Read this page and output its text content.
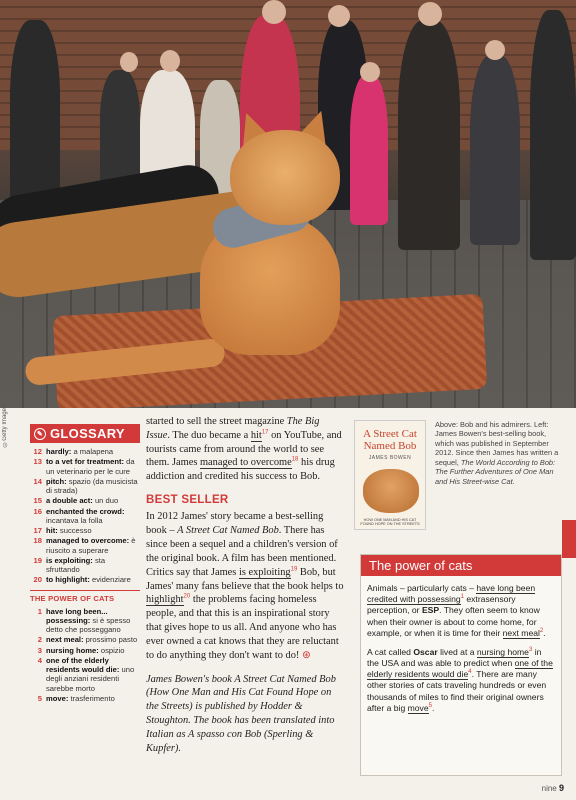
©Getty Images	✎ GLOSSARY
12 hardly: a malapena
13 to a vet for treatment: da un veterinario per le cure
14 pitch: spazio (da musicista di strada)
15 a double act: un duo
16 enchanted the crowd: incantava la folla
17 hit: successo
18 managed to overcome: è riuscito a superare
19 is exploiting: sta sfruttando
20 to highlight: evidenziare
THE POWER OF CATS
1 have long been... possessing: si è spesso detto che posseggano
2 next meal: prossimo pasto
3 nursing home: ospizio
4 one of the elderly residents would die: uno degli anziani residenti sarebbe morto
5 move: trasferimento

started to sell the street magazine The Big Issue. The duo became a hit$^{17}$ on YouTube, and tourists came from around the world to see them. James managed to overcome$^{18}$ his drug addiction and credited his success to Bob.

BEST SELLER

In 2012 James' story became a best-selling book – A Street Cat Named Bob. There has since been a sequel and a children's version of the original book. A film has been mentioned. Critics say that James is exploiting$^{19}$ Bob, but James' many fans believe that the book helps to highlight$^{20}$ the problems facing homeless people, and that this is an inspirational story that gives hope to us all. And anyone who has ever owned a cat knows that they are reluctant to do anything they don't want to do! ⊛

James Bowen's book A Street Cat Named Bob (How One Man and His Cat Found Hope on the Streets) is published by Hodder & Stoughton. The book has been translated into Italian as A spasso con Bob (Sperling & Kupfer).

A Street Cat Named Bob
JAMES BOWEN
HOW ONE MAN AND HIS CAT FOUND HOPE ON THE STREETS
Above: Bob and his admirers. Left: James Bowen's best-selling book, which was published in September 2012. Since then James has written a sequel, The World According to Bob: The Further Adventures of One Man and His Street-wise Cat.
The power of cats

Animals – particularly cats – have long been credited with possessing$^1$ extrasensory perception, or ESP. They often seem to know when their owner is about to come home, for example, or when it is time for their next meal$^2$.

A cat called Oscar lived at a nursing home$^3$ in the USA and was able to predict when one of the elderly residents would die$^4$. There are many other stories of cats traveling hundreds or even thousands of miles to find their original owners after a big move$^5$.

nine 9
